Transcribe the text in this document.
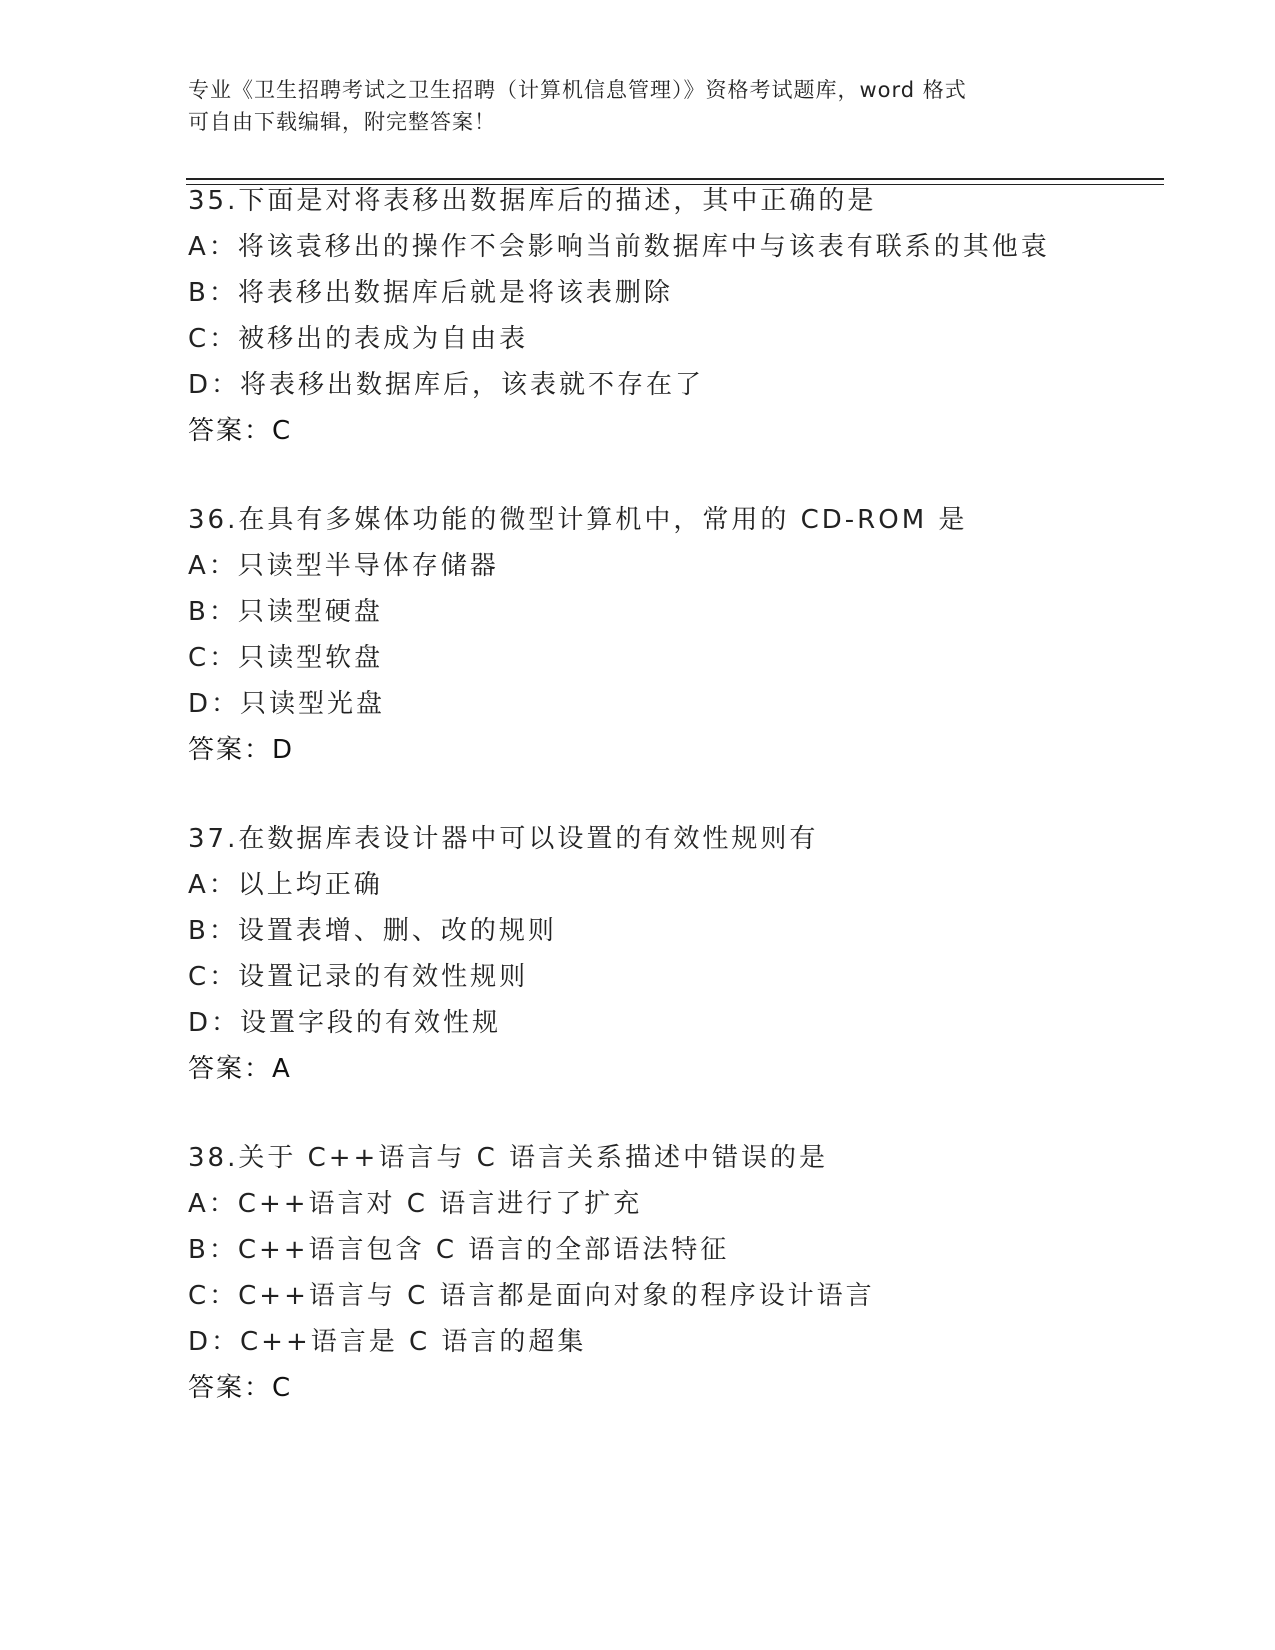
专业《卫生招聘考试之卫生招聘（计算机信息管理）》资格考试题库，word 格式
可自由下载编辑，附完整答案！
35.下面是对将表移出数据库后的描述，其中正确的是
A：将该袁移出的操作不会影响当前数据库中与该表有联系的其他袁
B：将表移出数据库后就是将该表删除
C：被移出的表成为自由表
D：将表移出数据库后，该表就不存在了
答案：C
36.在具有多媒体功能的微型计算机中，常用的 CD-ROM 是
A：只读型半导体存储器
B：只读型硬盘
C：只读型软盘
D：只读型光盘
答案：D
37.在数据库表设计器中可以设置的有效性规则有
A：以上均正确
B：设置表增、删、改的规则
C：设置记录的有效性规则
D：设置字段的有效性规
答案：A
38.关于 C++语言与 C 语言关系描述中错误的是
A：C++语言对 C 语言进行了扩充
B：C++语言包含 C 语言的全部语法特征
C：C++语言与 C 语言都是面向对象的程序设计语言
D：C++语言是 C 语言的超集
答案：C
